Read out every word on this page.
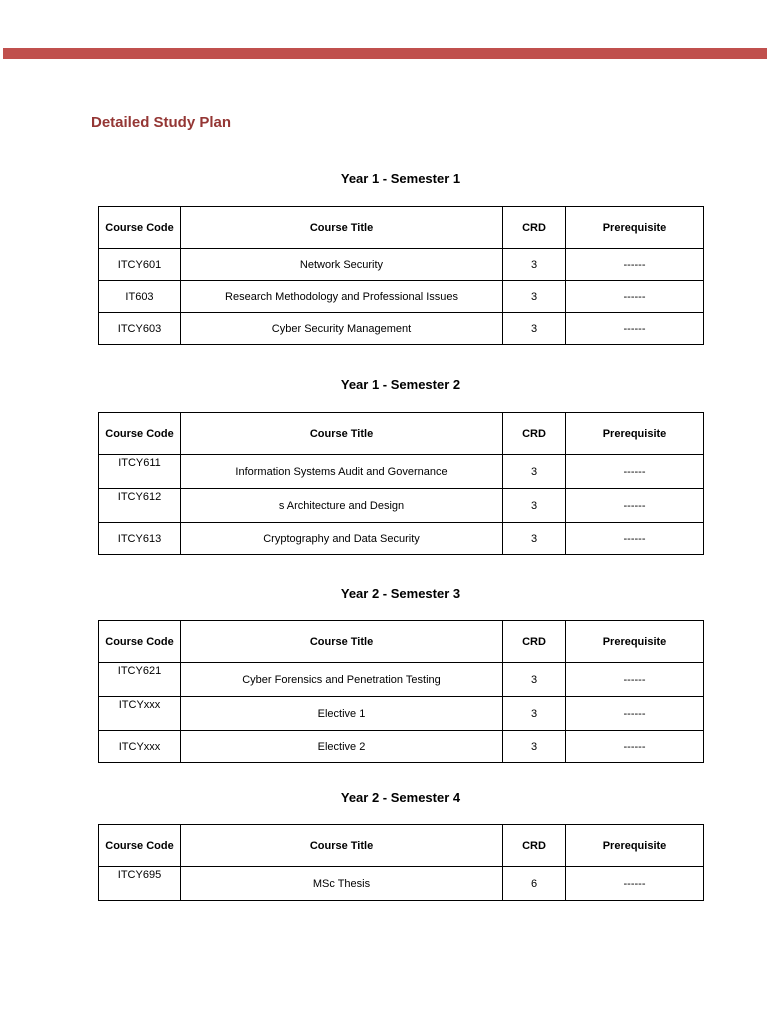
Detailed Study Plan
Year 1 - Semester 1
Course Code	Course Title	CRD	Prerequisite
ITCY601	Network Security	3	------
IT603	Research Methodology and Professional Issues	3	------
ITCY603	Cyber Security Management	3	------
Year 1 - Semester 2
Course Code	Course Title	CRD	Prerequisite
ITCY611	Information Systems Audit and Governance	3	------
ITCY612	s Architecture and Design	3	------
ITCY613	Cryptography and Data Security	3	------
Year 2 - Semester 3
Course Code	Course Title	CRD	Prerequisite
ITCY621	Cyber Forensics and Penetration Testing	3	------
ITCYxxx	Elective 1	3	------
ITCYxxx	Elective 2	3	------
Year 2 - Semester 4
Course Code	Course Title	CRD	Prerequisite
ITCY695	MSc Thesis	6	------
